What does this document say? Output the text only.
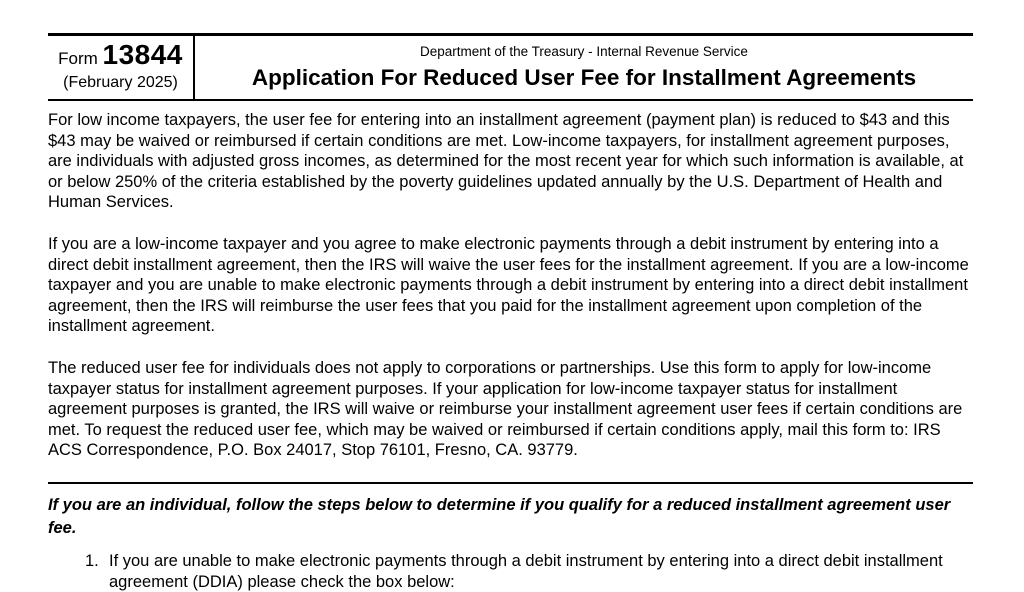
Form 13844
(February 2025)
Department of the Treasury - Internal Revenue Service
Application For Reduced User Fee for Installment Agreements

For low income taxpayers, the user fee for entering into an installment agreement (payment plan) is reduced to $43 and this $43 may be waived or reimbursed if certain conditions are met. Low-income taxpayers, for installment agreement purposes, are individuals with adjusted gross incomes, as determined for the most recent year for which such information is available, at or below 250% of the criteria established by the poverty guidelines updated annually by the U.S. Department of Health and Human Services.

If you are a low-income taxpayer and you agree to make electronic payments through a debit instrument by entering into a direct debit installment agreement, then the IRS will waive the user fees for the installment agreement. If you are a low-income taxpayer and you are unable to make electronic payments through a debit instrument by entering into a direct debit installment agreement, then the IRS will reimburse the user fees that you paid for the installment agreement upon completion of the installment agreement.

The reduced user fee for individuals does not apply to corporations or partnerships. Use this form to apply for low-income taxpayer status for installment agreement purposes. If your application for low-income taxpayer status for installment agreement purposes is granted, the IRS will waive or reimburse your installment agreement user fees if certain conditions are met. To request the reduced user fee, which may be waived or reimbursed if certain conditions apply, mail this form to: IRS ACS Correspondence, P.O. Box 24017, Stop 76101, Fresno, CA. 93779.

If you are an individual, follow the steps below to determine if you qualify for a reduced installment agreement user fee.

1. If you are unable to make electronic payments through a debit instrument by entering into a direct debit installment agreement (DDIA) please check the box below:
